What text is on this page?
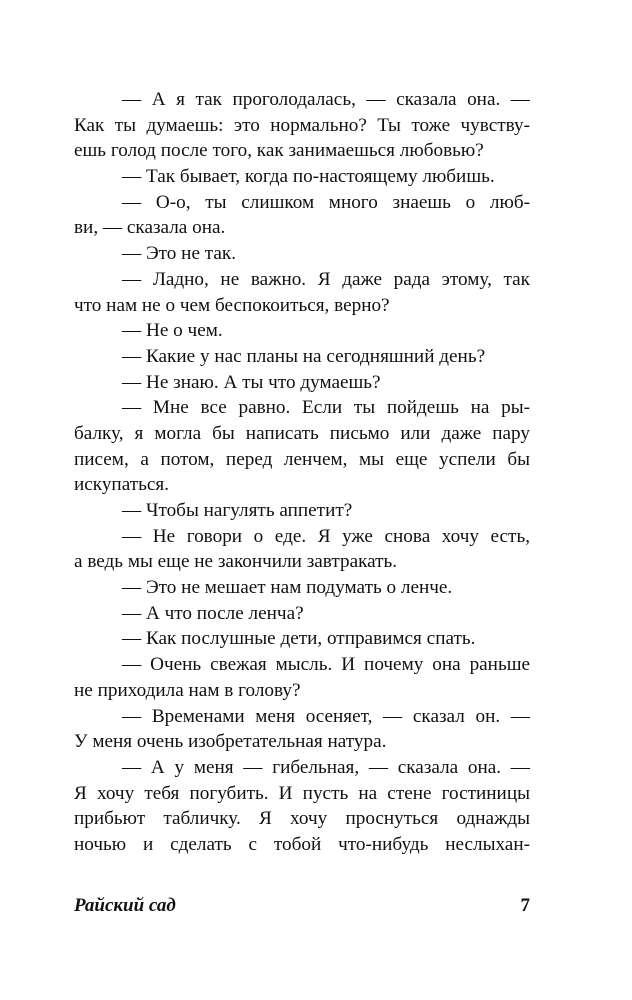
— А я так проголодалась, — сказала она. —
Как ты думаешь: это нормально? Ты тоже чувству-
ешь голод после того, как занимаешься любовью?
— Так бывает, когда по-настоящему любишь.
— О-о, ты слишком много знаешь о люб-
ви, — сказала она.
— Это не так.
— Ладно, не важно. Я даже рада этому, так
что нам не о чем беспокоиться, верно?
— Не о чем.
— Какие у нас планы на сегодняшний день?
— Не знаю. А ты что думаешь?
— Мне все равно. Если ты пойдешь на ры-
балку, я могла бы написать письмо или даже пару
писем, а потом, перед ленчем, мы еще успели бы
искупаться.
— Чтобы нагулять аппетит?
— Не говори о еде. Я уже снова хочу есть,
а ведь мы еще не закончили завтракать.
— Это не мешает нам подумать о ленче.
— А что после ленча?
— Как послушные дети, отправимся спать.
— Очень свежая мысль. И почему она раньше
не приходила нам в голову?
— Временами меня осеняет, — сказал он. —
У меня очень изобретательная натура.
— А у меня — гибельная, — сказала она. —
Я хочу тебя погубить. И пусть на стене гостиницы
прибьют табличку. Я хочу проснуться однажды
ночью и сделать с тобой что-нибудь неслыхан-
Райский сад	7
